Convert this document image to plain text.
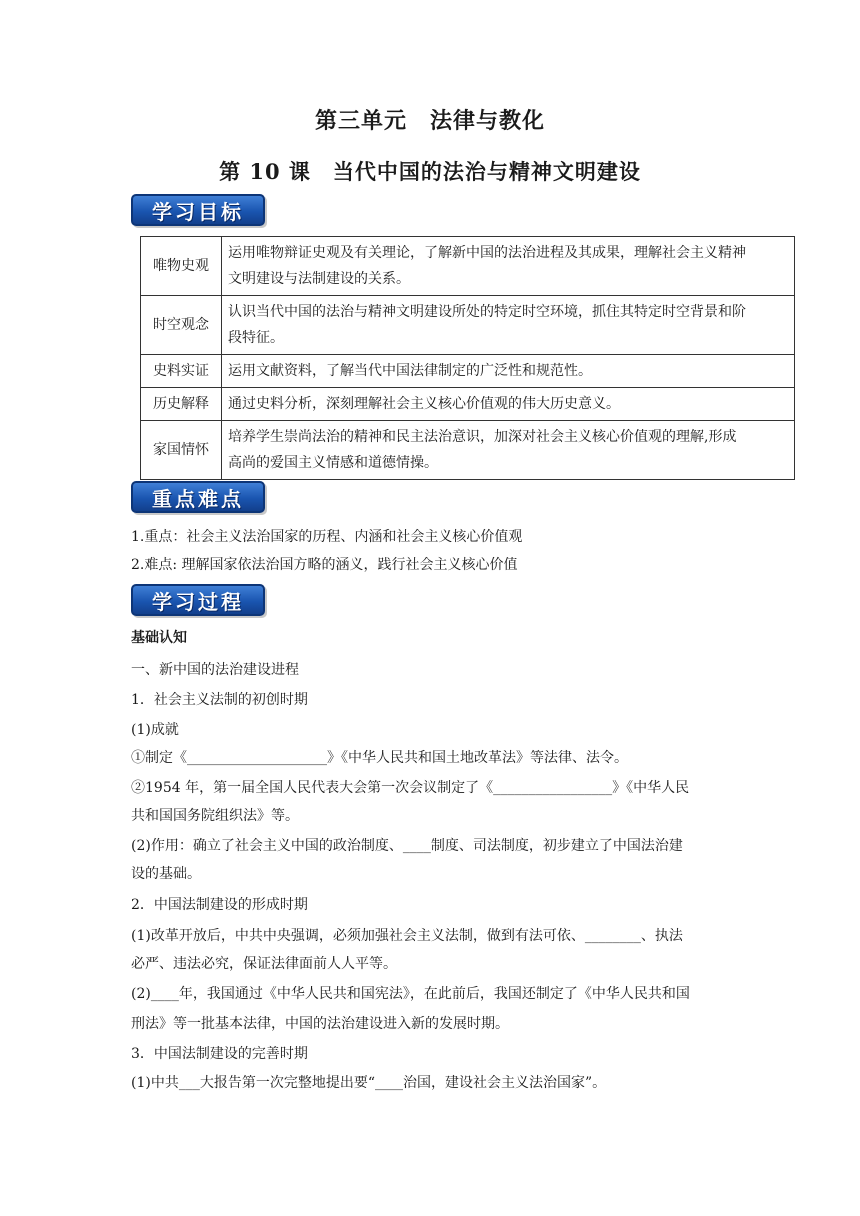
第三单元　法律与教化
第 10 课　当代中国的法治与精神文明建设
学习目标
唯物史观	运用唯物辩证史观及有关理论，了解新中国的法治进程及其成果，理解社会主义精神
文明建设与法制建设的关系。

时空观念	认识当代中国的法治与精神文明建设所处的特定时空环境，抓住其特定时空背景和阶
段特征。

史料实证	运用文献资料，了解当代中国法律制定的广泛性和规范性。

历史解释	通过史料分析，深刻理解社会主义核心价值观的伟大历史意义。

家国情怀	培养学生崇尚法治的精神和民主法治意识，加深对社会主义核心价值观的理解,形成
高尚的爱国主义情感和道德情操。
重点难点
1.重点：社会主义法治国家的历程、内涵和社会主义核心价值观
2.难点: 理解国家依法治国方略的涵义，践行社会主义核心价值
学习过程
基础认知
一、新中国的法治建设进程
1．社会主义法制的初创时期
(1)成就
①制定《____________________》《中华人民共和国土地改革法》等法律、法令。
②1954 年，第一届全国人民代表大会第一次会议制定了《_________________》《中华人民
共和国国务院组织法》等。
(2)作用：确立了社会主义中国的政治制度、____制度、司法制度，初步建立了中国法治建
设的基础。
2．中国法制建设的形成时期
(1)改革开放后，中共中央强调，必须加强社会主义法制，做到有法可依、________、执法
必严、违法必究，保证法律面前人人平等。
(2)____年，我国通过《中华人民共和国宪法》，在此前后，我国还制定了《中华人民共和国
刑法》等一批基本法律，中国的法治建设进入新的发展时期。
3．中国法制建设的完善时期
(1)中共___大报告第一次完整地提出要“____治国，建设社会主义法治国家”。
